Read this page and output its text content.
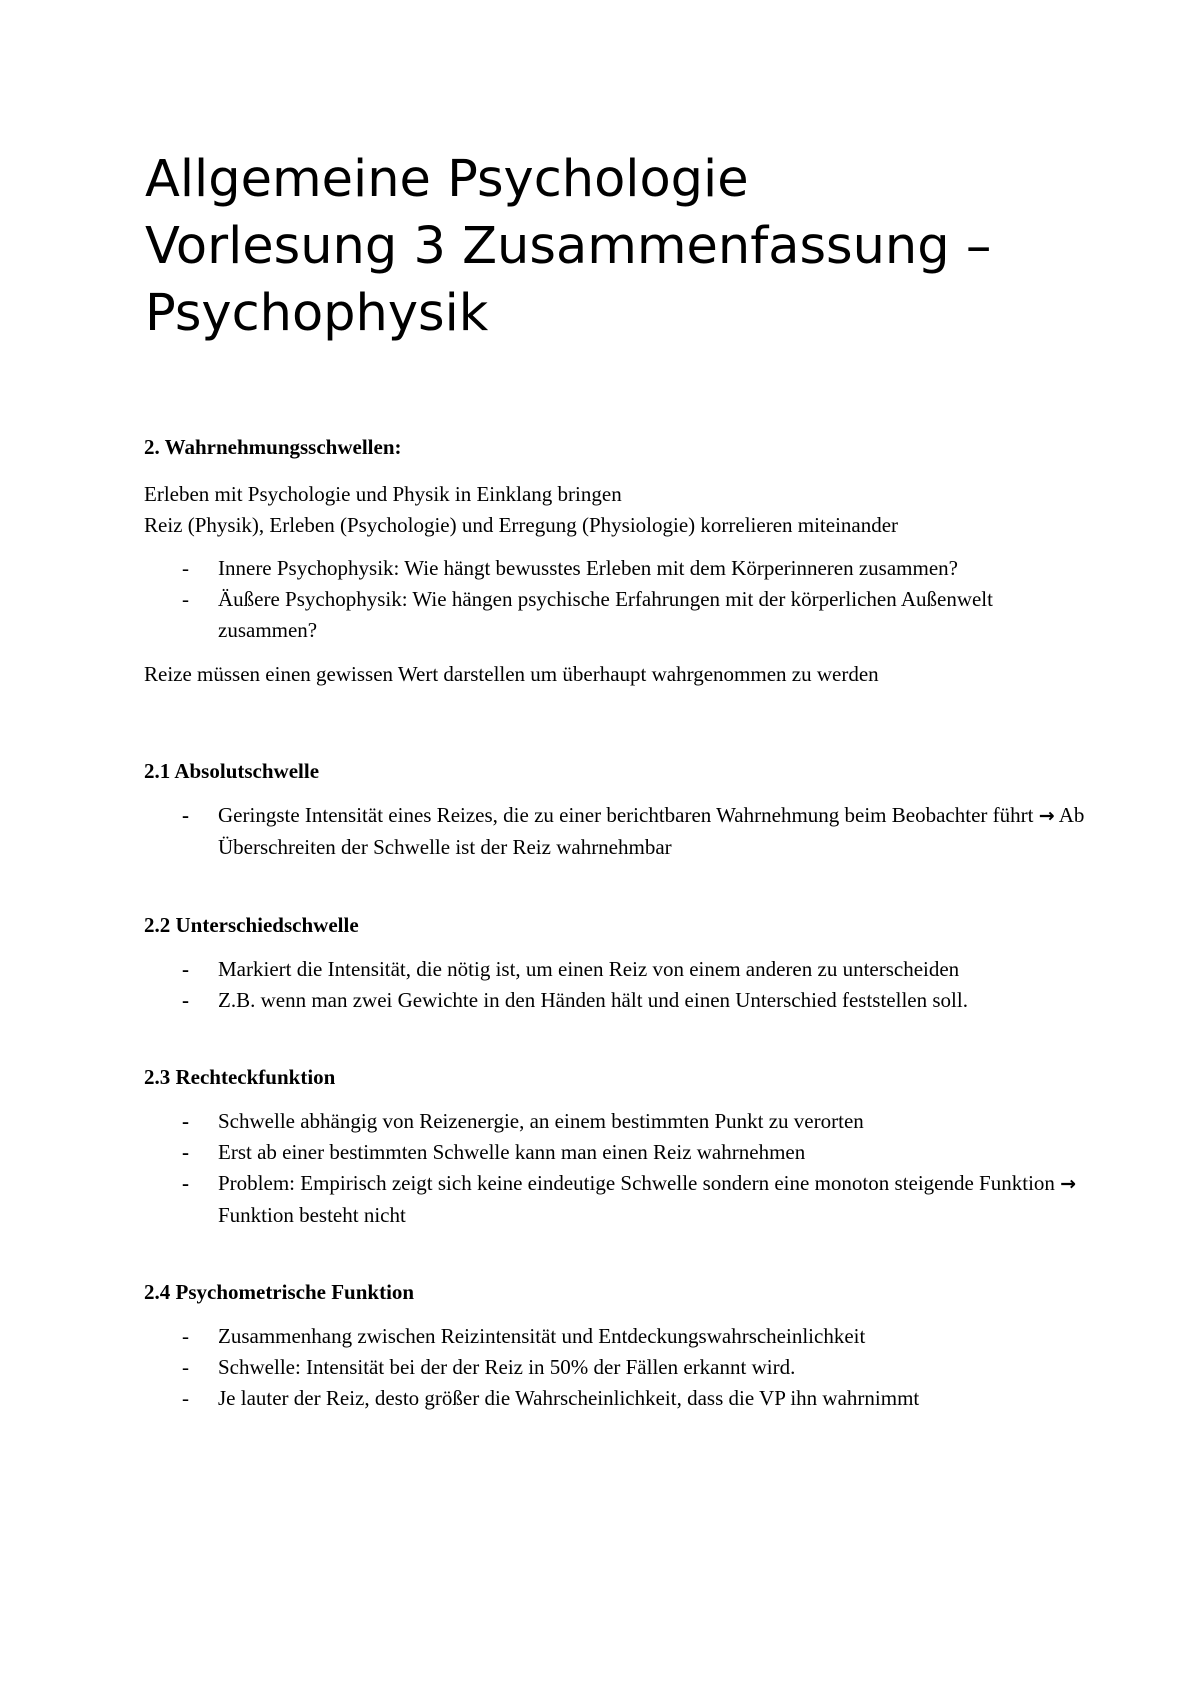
Allgemeine Psychologie
Vorlesung 3 Zusammenfassung –
Psychophysik
2. Wahrnehmungsschwellen:

Erleben mit Psychologie und Physik in Einklang bringen

Reiz (Physik), Erleben (Psychologie) und Erregung (Physiologie) korrelieren miteinander

- Innere Psychophysik: Wie hängt bewusstes Erleben mit dem Körperinneren zusammen?
- Äußere Psychophysik: Wie hängen psychische Erfahrungen mit der körperlichen Außenwelt zusammen?

Reize müssen einen gewissen Wert darstellen um überhaupt wahrgenommen zu werden

2.1 Absolutschwelle
- Geringste Intensität eines Reizes, die zu einer berichtbaren Wahrnehmung beim Beobachter führt → Ab Überschreiten der Schwelle ist der Reiz wahrnehmbar
2.2 Unterschiedschwelle
- Markiert die Intensität, die nötig ist, um einen Reiz von einem anderen zu unterscheiden
- Z.B. wenn man zwei Gewichte in den Händen hält und einen Unterschied feststellen soll.
2.3 Rechteckfunktion
- Schwelle abhängig von Reizenergie, an einem bestimmten Punkt zu verorten
- Erst ab einer bestimmten Schwelle kann man einen Reiz wahrnehmen
- Problem: Empirisch zeigt sich keine eindeutige Schwelle sondern eine monoton steigende Funktion → Funktion besteht nicht
2.4 Psychometrische Funktion
- Zusammenhang zwischen Reizintensität und Entdeckungswahrscheinlichkeit
- Schwelle: Intensität bei der der Reiz in 50% der Fällen erkannt wird.
- Je lauter der Reiz, desto größer die Wahrscheinlichkeit, dass die VP ihn wahrnimmt
